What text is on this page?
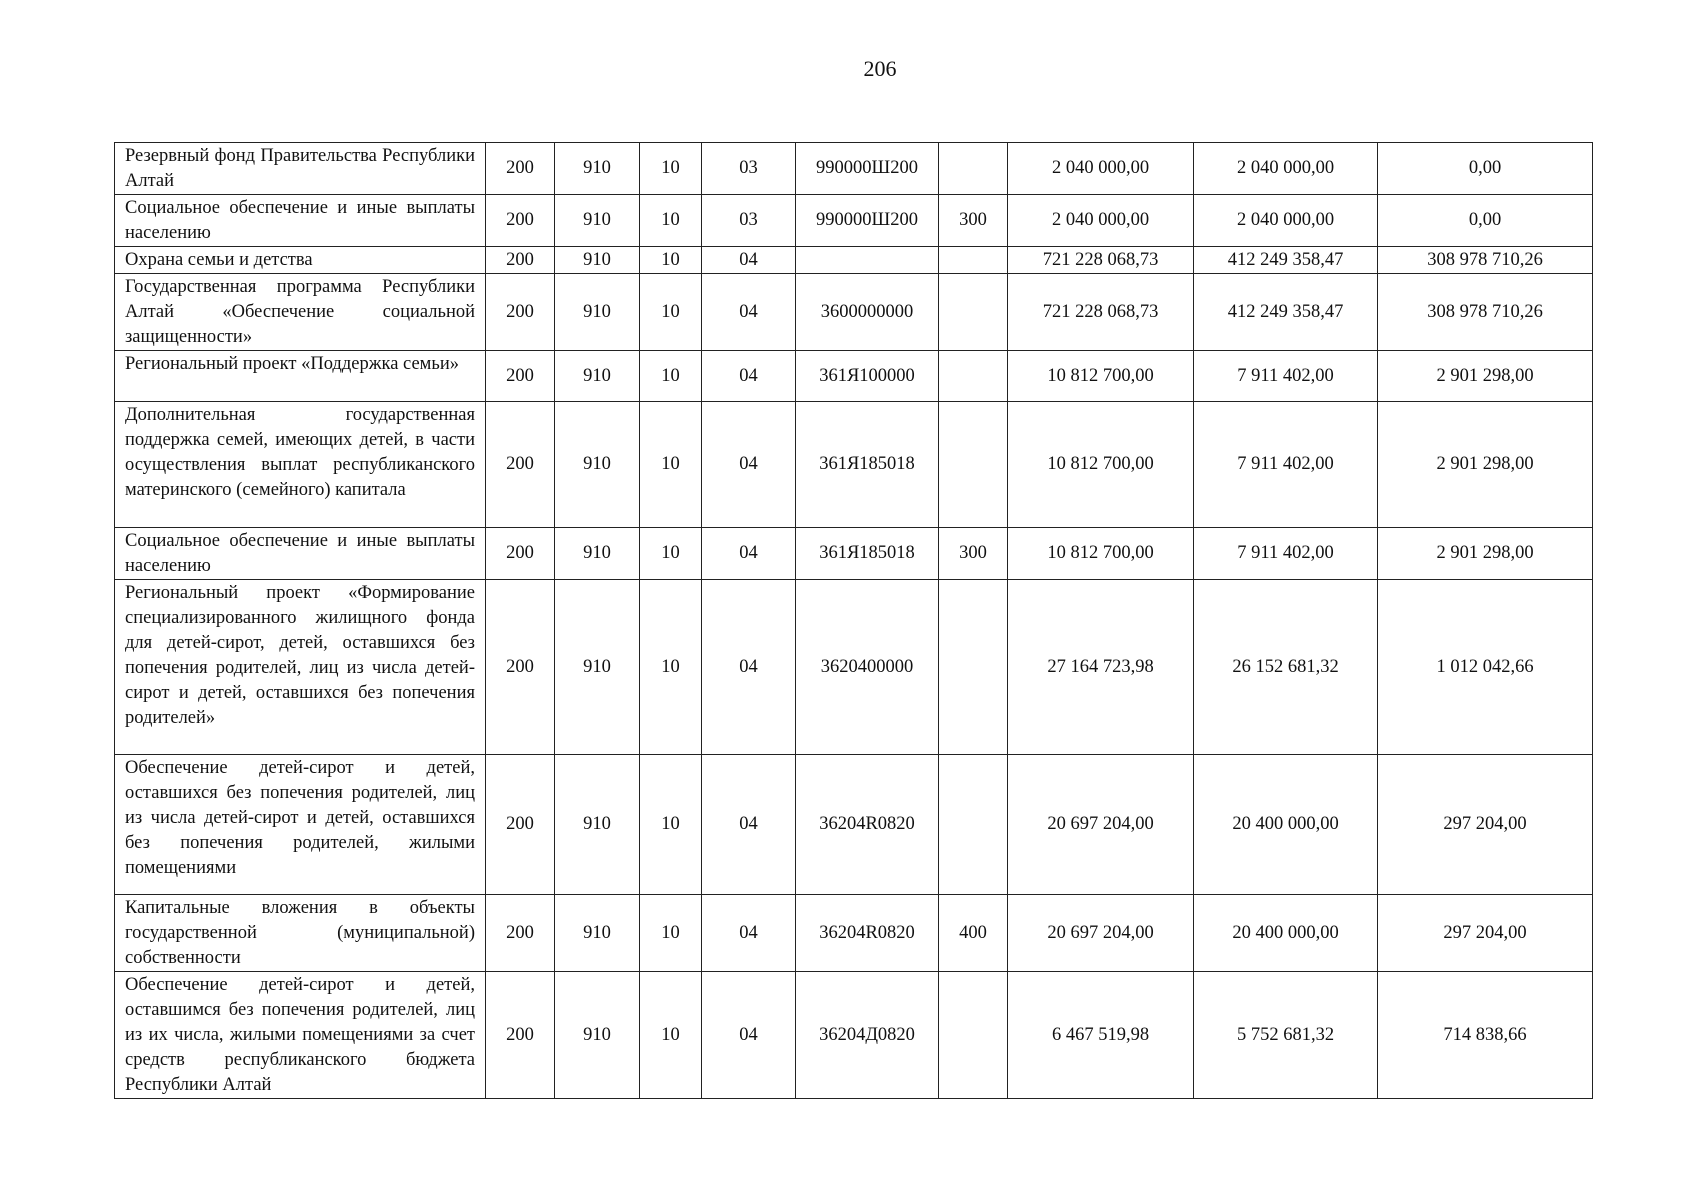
206
Резервный фонд Правительства Республики Алтай	200	910	10	03	990000Ш200		2 040 000,00	2 040 000,00	0,00
Социальное обеспечение и иные выплаты населению	200	910	10	03	990000Ш200	300	2 040 000,00	2 040 000,00	0,00
Охрана семьи и детства	200	910	10	04			721 228 068,73	412 249 358,47	308 978 710,26
Государственная программа Республики Алтай «Обеспечение социальной защищенности»	200	910	10	04	3600000000		721 228 068,73	412 249 358,47	308 978 710,26
Региональный проект «Поддержка семьи»	200	910	10	04	361Я100000		10 812 700,00	7 911 402,00	2 901 298,00
Дополнительная государственная поддержка семей, имеющих детей, в части осуществления выплат республиканского материнского (семейного) капитала	200	910	10	04	361Я185018		10 812 700,00	7 911 402,00	2 901 298,00
Социальное обеспечение и иные выплаты населению	200	910	10	04	361Я185018	300	10 812 700,00	7 911 402,00	2 901 298,00
Региональный проект «Формирование специализированного жилищного фонда для детей-сирот, детей, оставшихся без попечения родителей, лиц из числа детей-сирот и детей, оставшихся без попечения родителей»	200	910	10	04	3620400000		27 164 723,98	26 152 681,32	1 012 042,66
Обеспечение детей-сирот и детей, оставшихся без попечения родителей, лиц из числа детей-сирот и детей, оставшихся без попечения родителей, жилыми помещениями	200	910	10	04	36204R0820		20 697 204,00	20 400 000,00	297 204,00
Капитальные вложения в объекты государственной (муниципальной) собственности	200	910	10	04	36204R0820	400	20 697 204,00	20 400 000,00	297 204,00
Обеспечение детей-сирот и детей, оставшимся без попечения родителей, лиц из их числа, жилыми помещениями за счет средств республиканского бюджета Республики Алтай	200	910	10	04	36204Д0820		6 467 519,98	5 752 681,32	714 838,66
